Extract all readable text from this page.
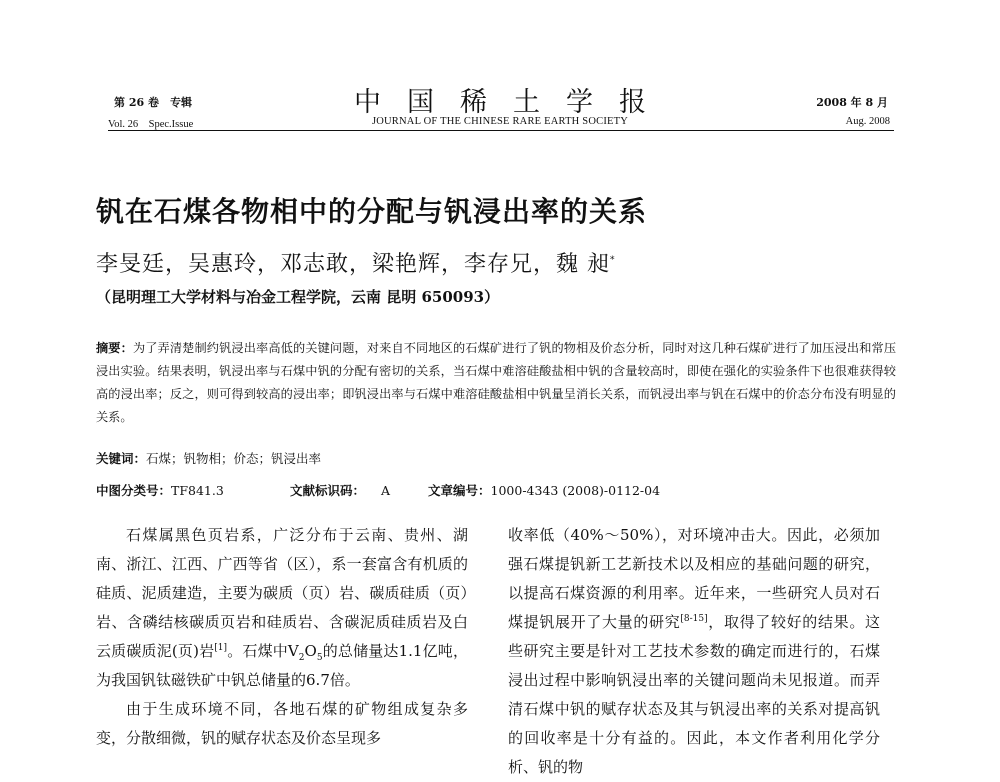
第 26 卷　专辑
Vol. 26　Spec.Issue
中国稀土学报
JOURNAL OF THE CHINESE RARE EARTH SOCIETY
2008 年 8 月
Aug. 2008
钒在石煤各物相中的分配与钒浸出率的关系
李旻廷，吴惠玲，邓志敢，梁艳辉，李存兄，魏 昶*
（昆明理工大学材料与冶金工程学院，云南 昆明 650093）
摘要：为了弄清楚制约钒浸出率高低的关键问题，对来自不同地区的石煤矿进行了钒的物相及价态分析，同时对这几种石煤矿进行了加压浸出和常压浸出实验。结果表明，钒浸出率与石煤中钒的分配有密切的关系，当石煤中难溶硅酸盐相中钒的含量较高时，即使在强化的实验条件下也很难获得较高的浸出率；反之，则可得到较高的浸出率；即钒浸出率与石煤中难溶硅酸盐相中钒量呈消长关系，而钒浸出率与钒在石煤中的价态分布没有明显的关系。
关键词：石煤；钒物相；价态；钒浸出率
中图分类号：TF841.3	文献标识码： A	文章编号：1000-4343 (2008)-0112-04

石煤属黑色页岩系，广泛分布于云南、贵州、湖南、浙江、江西、广西等省（区），系一套富含有机质的硅质、泥质建造，主要为碳质（页）岩、碳质硅质（页）岩、含磷结核碳质页岩和硅质岩、含碳泥质硅质岩及白云质碳质泥(页)岩[1]。石煤中$V_2O_5$的总储量达1.1亿吨，为我国钒钛磁铁矿中钒总储量的6.7倍。

由于生成环境不同，各地石煤的矿物组成复杂多变，分散细微，钒的赋存状态及价态呈现多

收率低（40%～50%），对环境冲击大。因此，必须加强石煤提钒新工艺新技术以及相应的基础问题的研究，以提高石煤资源的利用率。近年来，一些研究人员对石煤提钒展开了大量的研究[8-15]，取得了较好的结果。这些研究主要是针对工艺技术参数的确定而进行的，石煤浸出过程中影响钒浸出率的关键问题尚未见报道。而弄清石煤中钒的赋存状态及其与钒浸出率的关系对提高钒的回收率是十分有益的。因此，本文作者利用化学分析、钒的物
